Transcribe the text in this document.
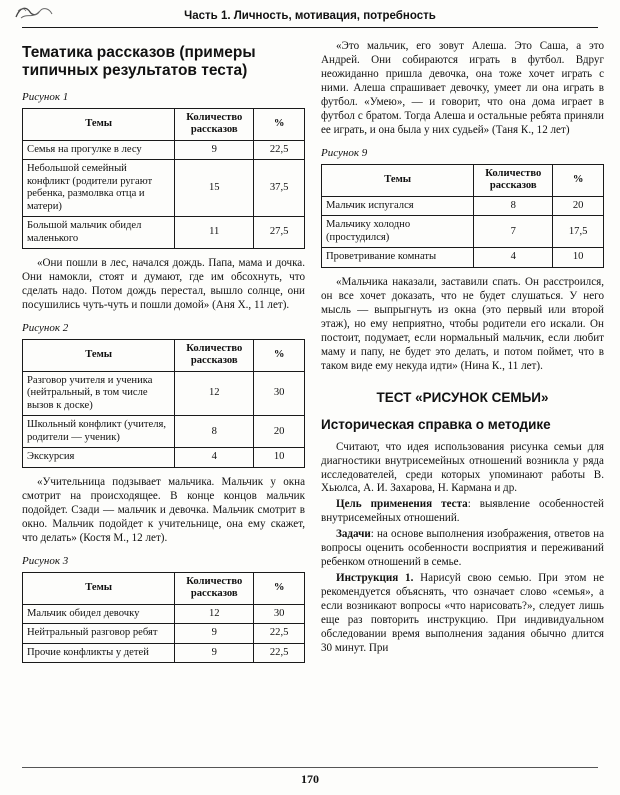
Часть 1. Личность, мотивация, потребность
Тематика рассказов (примеры типичных результатов теста)
Рисунок 1
Темы	Количество рассказов	%
Семья на прогулке в лесу	9	22,5
Небольшой семейный конфликт (родители ругают ребенка, размолвка отца и матери)	15	37,5
Большой мальчик обидел маленького	11	27,5

«Они пошли в лес, начался дождь. Папа, мама и дочка. Они намокли, стоят и думают, где им обсохнуть, что сделать надо. Потом дождь перестал, вышло солнце, они посушились чуть-чуть и пошли домой» (Аня Х., 11 лет).

Рисунок 2
Темы	Количество рассказов	%
Разговор учителя и ученика (нейтральный, в том числе вызов к доске)	12	30
Школьный конфликт (учителя, родители — ученик)	8	20
Экскурсия	4	10

«Учительница подзывает мальчика. Мальчик у окна смотрит на происходящее. В конце концов мальчик подойдет. Сзади — мальчик и девочка. Мальчик смотрит в окно. Мальчик подойдет к учительнице, она ему скажет, что делать» (Костя М., 12 лет).

Рисунок 3
Темы	Количество рассказов	%
Мальчик обидел девочку	12	30
Нейтральный разговор ребят	9	22,5
Прочие конфликты у детей	9	22,5

«Это мальчик, его зовут Алеша. Это Саша, а это Андрей. Они собираются играть в футбол. Вдруг неожиданно пришла девочка, она тоже хочет играть с ними. Алеша спрашивает девочку, умеет ли она играть в футбол. «Умею», — и говорит, что она дома играет в футбол с братом. Тогда Алеша и остальные ребята приняли ее играть, и она была у них судьей» (Таня К., 12 лет)

Рисунок 9
Темы	Количество рассказов	%
Мальчик испугался	8	20
Мальчику холодно (простудился)	7	17,5
Проветривание комнаты	4	10

«Мальчика наказали, заставили спать. Он расстроился, он все хочет доказать, что не будет слушаться. У него мысль — выпрыгнуть из окна (это первый или второй этаж), но ему неприятно, чтобы родители его искали. Он постоит, подумает, если нормальный мальчик, если любит маму и папу, не будет это делать, и потом поймет, что в таком виде ему некуда идти» (Нина К., 11 лет).

ТЕСТ «РИСУНОК СЕМЬИ»
Историческая справка о методике

Считают, что идея использования рисунка семьи для диагностики внутрисемейных отношений возникла у ряда исследователей, среди которых упоминают работы В. Хьюлса, А. И. Захарова, Н. Кармана и др.

Цель применения теста: выявление особенностей внутрисемейных отношений.

Задачи: на основе выполнения изображения, ответов на вопросы оценить особенности восприятия и переживаний ребенком отношений в семье.

Инструкция 1. Нарисуй свою семью. При этом не рекомендуется объяснять, что означает слово «семья», а если возникают вопросы «что нарисовать?», следует лишь еще раз повторить инструкцию. При индивидуальном обследовании время выполнения задания обычно длится 30 минут. При

170
